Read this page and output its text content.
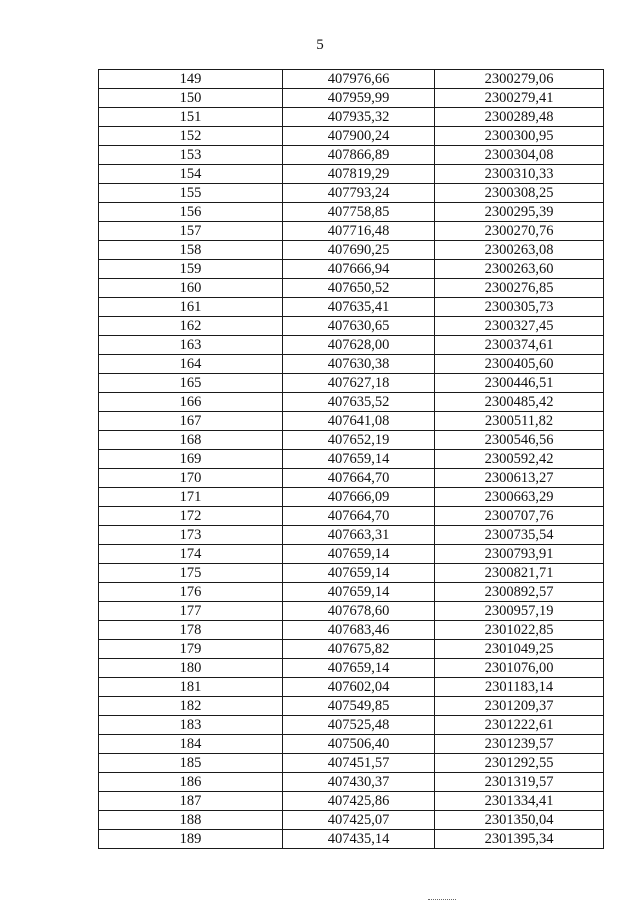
5
149	407976,66	2300279,06
150	407959,99	2300279,41
151	407935,32	2300289,48
152	407900,24	2300300,95
153	407866,89	2300304,08
154	407819,29	2300310,33
155	407793,24	2300308,25
156	407758,85	2300295,39
157	407716,48	2300270,76
158	407690,25	2300263,08
159	407666,94	2300263,60
160	407650,52	2300276,85
161	407635,41	2300305,73
162	407630,65	2300327,45
163	407628,00	2300374,61
164	407630,38	2300405,60
165	407627,18	2300446,51
166	407635,52	2300485,42
167	407641,08	2300511,82
168	407652,19	2300546,56
169	407659,14	2300592,42
170	407664,70	2300613,27
171	407666,09	2300663,29
172	407664,70	2300707,76
173	407663,31	2300735,54
174	407659,14	2300793,91
175	407659,14	2300821,71
176	407659,14	2300892,57
177	407678,60	2300957,19
178	407683,46	2301022,85
179	407675,82	2301049,25
180	407659,14	2301076,00
181	407602,04	2301183,14
182	407549,85	2301209,37
183	407525,48	2301222,61
184	407506,40	2301239,57
185	407451,57	2301292,55
186	407430,37	2301319,57
187	407425,86	2301334,41
188	407425,07	2301350,04
189	407435,14	2301395,34
